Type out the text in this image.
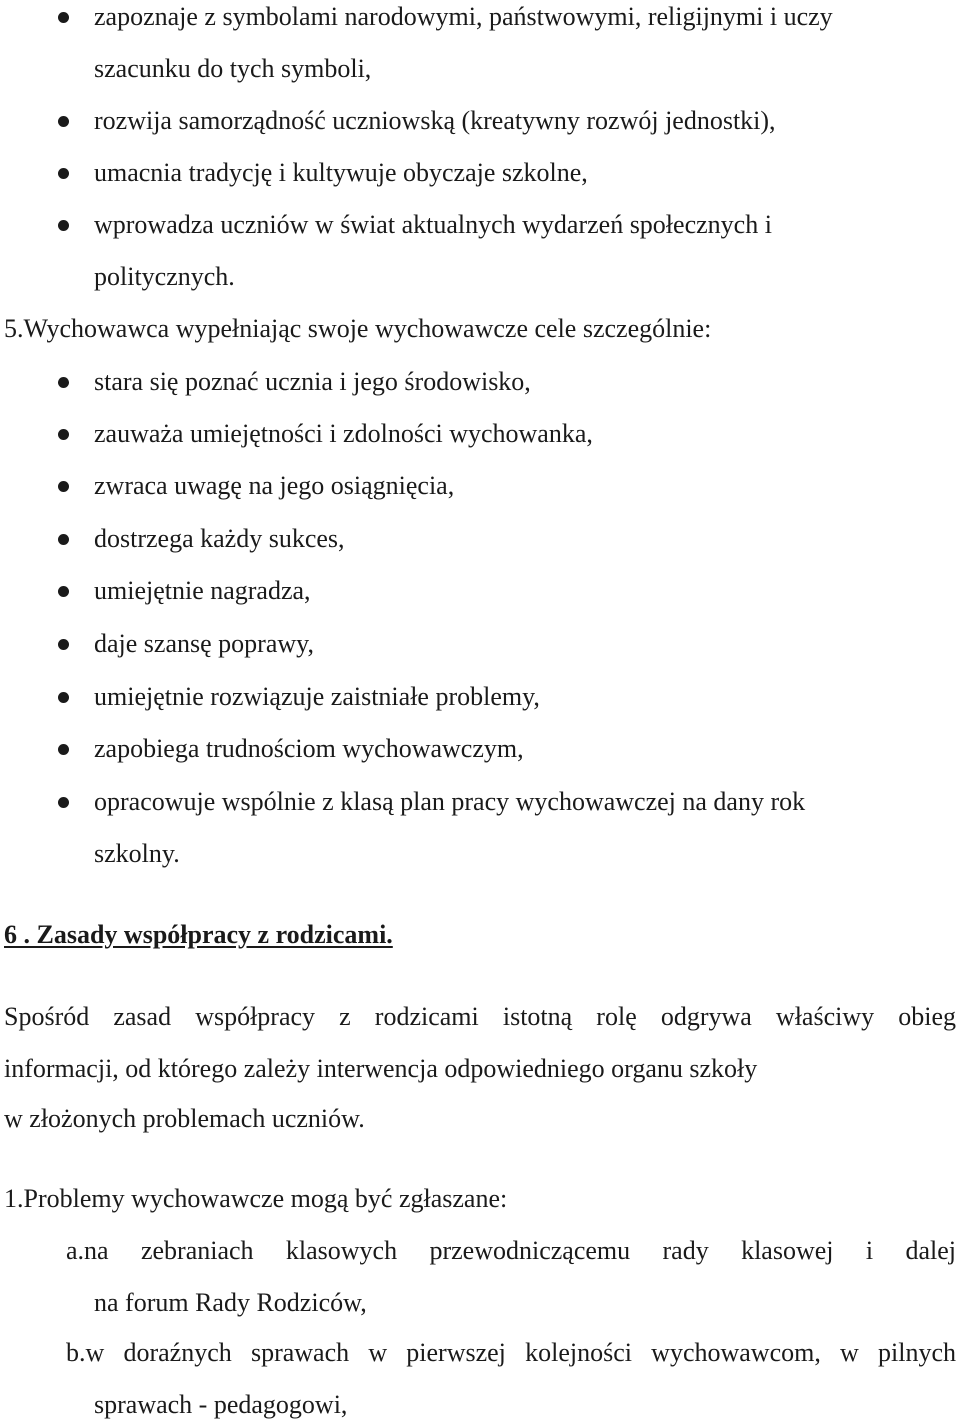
zapoznaje z symbolami narodowymi, państwowymi, religijnymi i uczy
szacunku do tych symboli,
rozwija samorządność uczniowską (kreatywny rozwój jednostki),
umacnia tradycję i kultywuje obyczaje szkolne,
wprowadza uczniów w świat aktualnych wydarzeń społecznych i
politycznych.
5.Wychowawca wypełniając swoje wychowawcze cele szczególnie:
stara się poznać ucznia i jego środowisko,
zauważa umiejętności i zdolności wychowanka,
zwraca uwagę na jego osiągnięcia,
dostrzega każdy sukces,
umiejętnie nagradza,
daje szansę poprawy,
umiejętnie rozwiązuje zaistniałe problemy,
zapobiega trudnościom wychowawczym,
opracowuje wspólnie z klasą plan pracy wychowawczej na dany rok
szkolny.
6 . Zasady współpracy z rodzicami.
Spośród zasad współpracy z rodzicami istotną rolę odgrywa właściwy obieg
informacji, od którego zależy interwencja odpowiedniego organu szkoły
w złożonych problemach uczniów.
1.Problemy wychowawcze mogą być zgłaszane:
a.na zebraniach klasowych przewodniczącemu rady klasowej i dalej
na forum Rady Rodziców,
b.w doraźnych sprawach w pierwszej kolejności wychowawcom, w pilnych
sprawach - pedagogowi,
